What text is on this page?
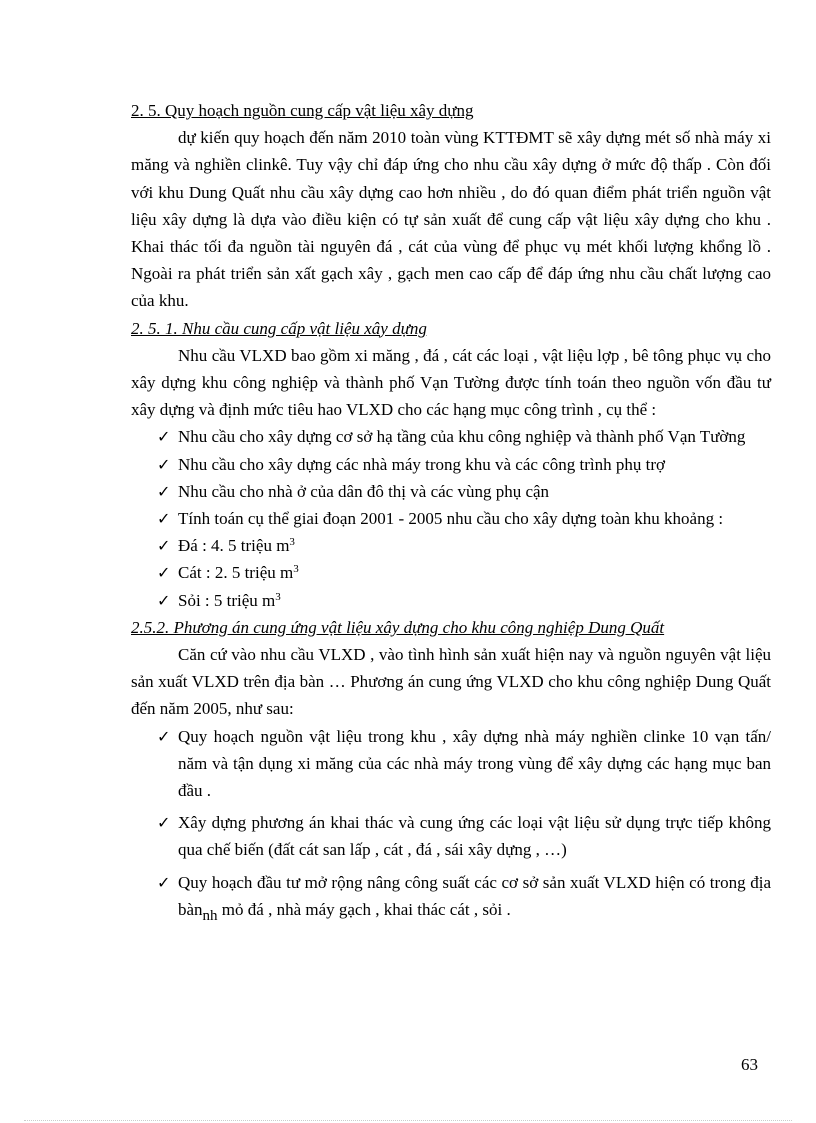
2. 5. Quy hoạch nguồn cung cấp vật liệu xây dựng

dự kiến quy hoạch đến năm 2010 toàn vùng KTTĐMT sẽ xây dựng mét số nhà máy xi măng và nghiền clinkê. Tuy vậy chỉ đáp ứng cho nhu cầu xây dựng ở mức độ thấp . Còn đối với khu Dung Quất nhu cầu xây dựng cao hơn nhiều , do đó quan điểm phát triển nguồn vật liệu xây dựng là dựa vào điều kiện có tự sản xuất để cung cấp vật liệu xây dựng cho khu . Khai thác tối đa nguồn tài nguyên đá , cát của vùng để phục vụ mét khối lượng khổng lồ . Ngoài ra phát triển sản xất gạch xây , gạch men cao cấp để đáp ứng nhu cầu chất lượng cao của khu.

2. 5. 1. Nhu cầu cung cấp vật liệu xây dựng

Nhu cầu VLXD bao gồm xi măng , đá , cát các loại , vật liệu lợp , bê tông phục vụ cho xây dựng khu công nghiệp và thành phố Vạn Tường được tính toán theo nguồn vốn đầu tư xây dựng và định mức tiêu hao VLXD cho các hạng mục công trình , cụ thể :

✓ Nhu cầu cho xây dựng cơ sở hạ tầng của khu công nghiệp và thành phố Vạn Tường
✓ Nhu cầu cho xây dựng các nhà máy trong khu và các công trình phụ trợ
✓ Nhu cầu cho nhà ở của dân đô thị và các vùng phụ cận
✓ Tính toán cụ thể giai đoạn 2001 - 2005 nhu cầu cho xây dựng toàn khu khoảng :
✓ Đá : 4. 5 triệu $m^3$
✓ Cát : 2. 5 triệu $m^3$
✓ Sỏi : 5 triệu $m^3$

2.5.2. Phương án cung ứng vật liệu xây dựng cho khu công nghiệp Dung Quất

Căn cứ vào nhu cầu VLXD , vào tình hình sản xuất hiện nay và nguồn nguyên vật liệu sản xuất VLXD trên địa bàn … Phương án cung ứng VLXD cho khu công nghiệp Dung Quất đến năm 2005, như sau:

✓ Quy hoạch nguồn vật liệu trong khu , xây dựng nhà máy nghiền clinke 10 vạn tấn/ năm và tận dụng xi măng của các nhà máy trong vùng để xây dựng các hạng mục ban đầu .
✓ Xây dựng phương án khai thác và cung ứng các loại vật liệu sử dụng trực tiếp không qua chế biến (đất cát san lấp , cát , đá , sái xây dựng , …)
✓ Quy hoạch đầu tư mở rộng nâng công suất các cơ sở sản xuất VLXD hiện có trong địa bànnh mỏ đá , nhà máy gạch , khai thác cát , sỏi .
63
